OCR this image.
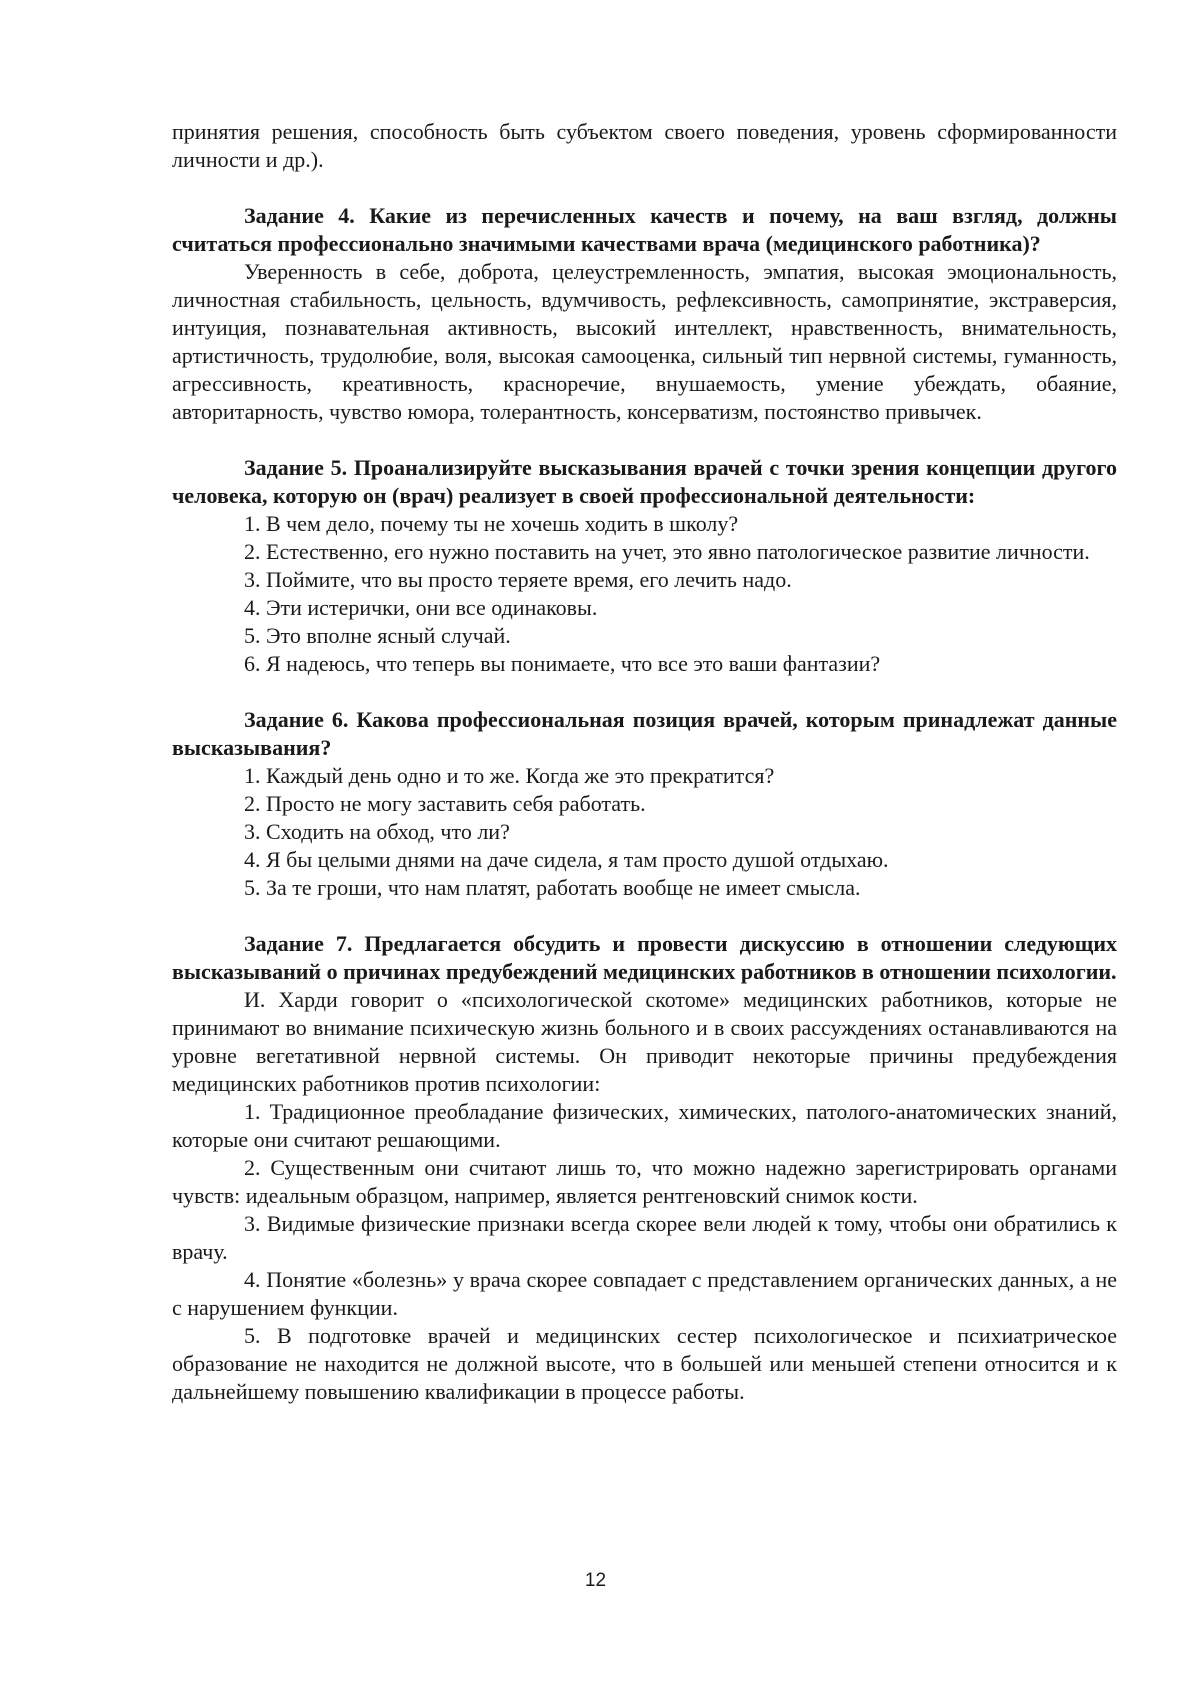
принятия решения, способность быть субъектом своего поведения, уровень сформированности личности и др.).

Задание 4. Какие из перечисленных качеств и почему, на ваш взгляд, должны считаться профессионально значимыми качествами врача (медицинского работника)?

Уверенность в себе, доброта, целеустремленность, эмпатия, высокая эмоциональность, личностная стабильность, цельность, вдумчивость, рефлексивность, самопринятие, экстраверсия, интуиция, познавательная активность, высокий интеллект, нравственность, внимательность, артистичность, трудолюбие, воля, высокая самооценка, сильный тип нервной системы, гуманность, агрессивность, креативность, красноречие, внушаемость, умение убеждать, обаяние, авторитарность, чувство юмора, толерантность, консерватизм, постоянство привычек.

Задание 5. Проанализируйте высказывания врачей с точки зрения концепции другого человека, которую он (врач) реализует в своей профессиональной деятельности:

1. В чем дело, почему ты не хочешь ходить в школу?

2. Естественно, его нужно поставить на учет, это явно патологическое развитие личности.

3. Поймите, что вы просто теряете время, его лечить надо.

4. Эти истерички, они все одинаковы.

5. Это вполне ясный случай.

6. Я надеюсь, что теперь вы понимаете, что все это ваши фантазии?

Задание 6. Какова профессиональная позиция врачей, которым принадлежат данные высказывания?

1. Каждый день одно и то же. Когда же это прекратится?

2. Просто не могу заставить себя работать.

3. Сходить на обход, что ли?

4. Я бы целыми днями на даче сидела, я там просто душой отдыхаю.

5. За те гроши, что нам платят, работать вообще не имеет смысла.

Задание 7. Предлагается обсудить и провести дискуссию в отношении следующих высказываний о причинах предубеждений медицинских работников в отношении психологии.

И. Харди говорит о «психологической скотоме» медицинских работников, которые не принимают во внимание психическую жизнь больного и в своих рассуждениях останавливаются на уровне вегетативной нервной системы. Он приводит некоторые причины предубеждения медицинских работников против психологии:

1. Традиционное преобладание физических, химических, патолого-анатомических знаний, которые они считают решающими.

2. Существенным они считают лишь то, что можно надежно зарегистрировать органами чувств: идеальным образцом, например, является рентгеновский снимок кости.

3. Видимые физические признаки всегда скорее вели людей к тому, чтобы они обратились к врачу.

4. Понятие «болезнь» у врача скорее совпадает с представлением органических данных, а не с нарушением функции.

5. В подготовке врачей и медицинских сестер психологическое и психиатрическое образование не находится не должной высоте, что в большей или меньшей степени относится и к дальнейшему повышению квалификации в процессе работы.

12
